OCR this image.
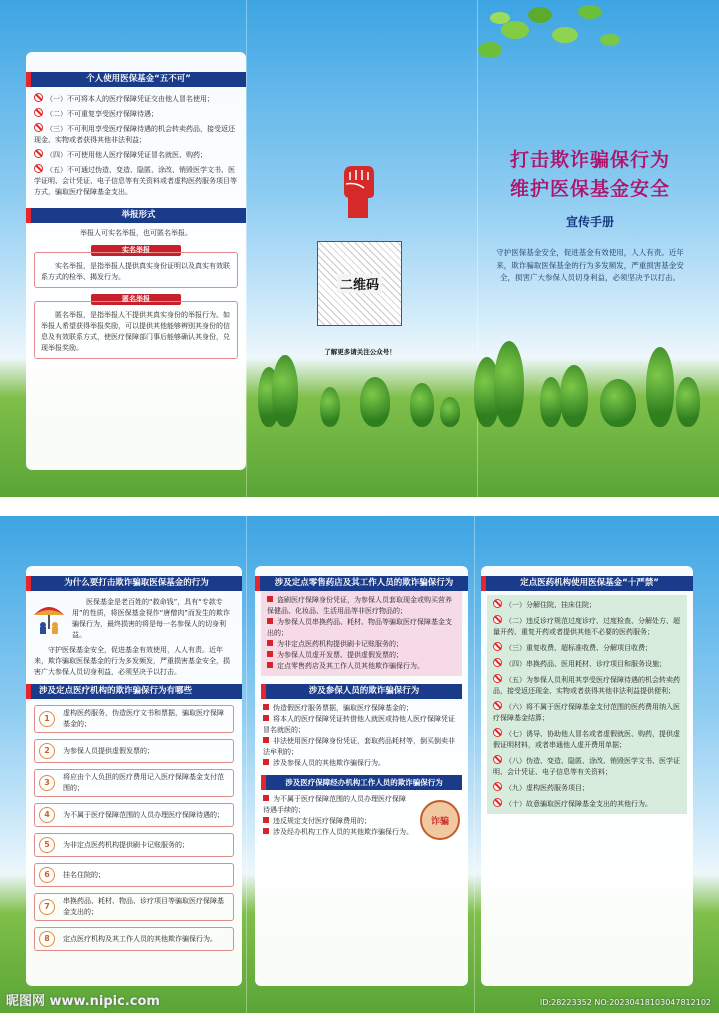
个人使用医保基金“五不可”

（一）不可将本人的医疗保障凭证交由他人冒名使用；

（二）不可重复享受医疗保障待遇；

（三）不可利用享受医疗保障待遇的机会转卖药品，接受返还现金、实物或者获得其他非法利益；

（四）不可使用他人医疗保障凭证冒名就医、购药；

（五）不可通过伪造、变造、隐匿、涂改、销毁医学文书、医学证明、会计凭证、电子信息等有关资料或者虚构医药服务项目等方式，骗取医疗保障基金支出。

举报形式

举报人可实名举报，也可匿名举报。

实名举报

实名举报，是指举报人提供真实身份证明以及真实有效联系方式的检举、揭发行为。

匿名举报

匿名举报，是指举报人不提供其真实身份的举报行为。如举报人希望获得举报奖励，可以提供其他能够辨别其身份的信息及有效联系方式，使医疗保障部门事后能够确认其身份，兑现举报奖励。

二维码
了解更多请关注公众号！
打击欺诈骗保行为
维护医保基金安全
宣传手册
守护医保基金安全，促进基金有效使用，人人有责。近年来，欺诈骗取医保基金的行为多发频发，严重损害基金安全，损害广大参保人员切身利益，必须坚决予以打击。
为什么要打击欺诈骗取医保基金的行为

医保基金是老百姓的“救命钱”，具有“专款专用”的性质，将医保基金视作“唐僧肉”而发生的欺诈骗保行为，最终损害的将是每一名参保人的切身利益。

守护医保基金安全，促进基金有效使用，人人有责。近年来，欺诈骗取医保基金的行为多发频发，严重损害基金安全，损害广大参保人员切身利益，必须坚决予以打击。

涉及定点医疗机构的欺诈骗保行为有哪些
1
虚构医药服务，伪造医疗文书和票据，骗取医疗保障基金的；
2	为参保人员提供虚假发票的；
3
将应由个人负担的医疗费用记入医疗保障基金支付范围的；
4	为不属于医疗保障范围的人员办理医疗保障待遇的；
5	为非定点医药机构提供刷卡记账服务的；
6	挂名住院的；
7
串换药品、耗材、物品、诊疗项目等骗取医疗保障基金支出的；
8	定点医疗机构及其工作人员的其他欺诈骗保行为。
涉及定点零售药店及其工作人员的欺诈骗保行为

盗刷医疗保障身份凭证，为参保人员套取现金或购买营养保健品、化妆品、生活用品等非医疗物品的；

为参保人员串换药品、耗材、物品等骗取医疗保障基金支出的；

为非定点医药机构提供刷卡记账服务的；

为参保人员虚开发票、提供虚假发票的；

定点零售药店及其工作人员其他欺诈骗保行为。

涉及参保人员的欺诈骗保行为

伪造假医疗服务票据，骗取医疗保障基金的；

将本人的医疗保障凭证转借他人就医或持他人医疗保障凭证冒名就医的；

非法使用医疗保障身份凭证，套取药品耗材等，倒买倒卖非法牟利的；

涉及参保人员的其他欺诈骗保行为。

涉及医疗保障经办机构工作人员的欺诈骗保行为
诈骗

为不属于医疗保障范围的人员办理医疗保障待遇手续的；

违反规定支付医疗保障费用的；

涉及经办机构工作人员的其他欺诈骗保行为。

定点医药机构使用医保基金“十严禁”

（一）分解住院、挂床住院；

（二）违反诊疗规范过度诊疗、过度检查、分解处方、超量开药、重复开药或者提供其他不必要的医药服务；

（三）重复收费、超标准收费、分解项目收费；

（四）串换药品、医用耗材、诊疗项目和服务设施；

（五）为参保人员利用其享受医疗保障待遇的机会转卖药品，接受返还现金、实物或者获得其他非法利益提供便利；

（六）将不属于医疗保障基金支付范围的医药费用纳入医疗保障基金结算；

（七）诱导、协助他人冒名或者虚假就医、购药，提供虚假证明材料，或者串通他人虚开费用单据；

（八）伪造、变造、隐匿、涂改、销毁医学文书、医学证明、会计凭证、电子信息等有关资料；

（九）虚构医药服务项目；

（十）故意骗取医疗保障基金支出的其他行为。

昵图网 www.nipic.com	ID:28223352 NO:20230418103047812102
